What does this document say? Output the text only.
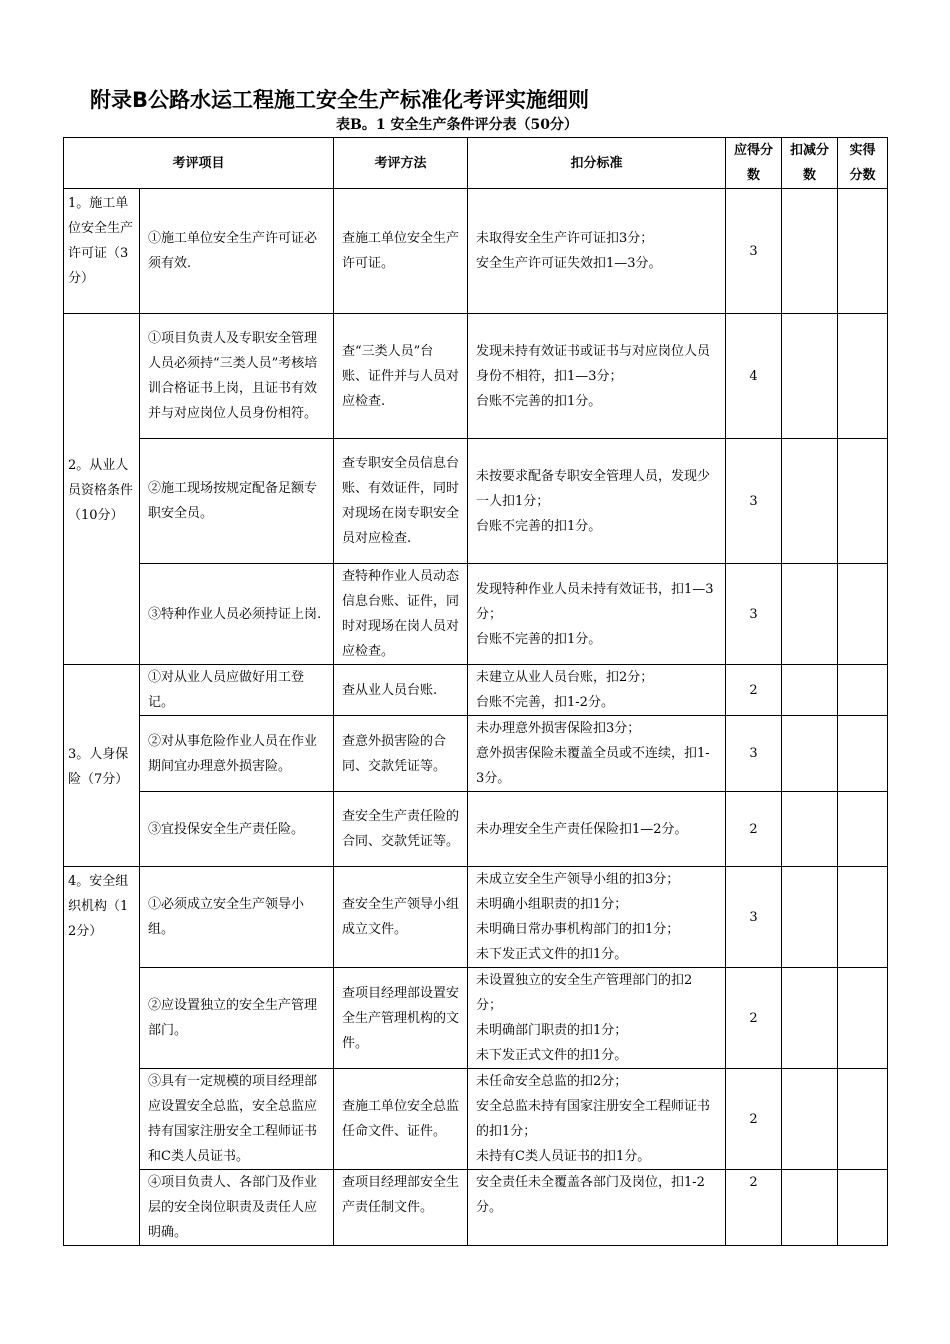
附录B公路水运工程施工安全生产标准化考评实施细则
表B。1 安全生产条件评分表（50分）
考评项目		考评方法	扣分标准	应得分数	扣减分数	实得分数
1。施工单位安全生产许可证（3分）	①施工单位安全生产许可证必须有效.	查施工单位安全生产许可证。	未取得安全生产许可证扣3分；
安全生产许可证失效扣1—3分。	3		
2。从业人员资格条件（10分）	①项目负责人及专职安全管理人员必须持“三类人员”考核培训合格证书上岗，且证书有效并与对应岗位人员身份相符。	查“三类人员”台账、证件并与人员对应检查.	发现未持有效证书或证书与对应岗位人员身份不相符，扣1—3分；
台账不完善的扣1分。	4		
	②施工现场按规定配备足额专职安全员。	查专职安全员信息台账、有效证件，同时对现场在岗专职安全员对应检查.	未按要求配备专职安全管理人员，发现少一人扣1分；
台账不完善的扣1分。	3		
	③特种作业人员必须持证上岗.	查特种作业人员动态信息台账、证件，同时对现场在岗人员对应检查。	发现特种作业人员未持有效证书，扣1—3分；
台账不完善的扣1分。	3		
3。人身保险（7分）	①对从业人员应做好用工登记。	查从业人员台账.	未建立从业人员台账，扣2分；
台账不完善，扣1-2分。	2		
	②对从事危险作业人员在作业期间宜办理意外损害险。	查意外损害险的合同、交款凭证等。	未办理意外损害保险扣3分；
意外损害保险未覆盖全员或不连续，扣1-3分。	3		
	③宜投保安全生产责任险。	查安全生产责任险的合同、交款凭证等。	未办理安全生产责任保险扣1—2分。	2		
4。安全组织机构（12分）	①必须成立安全生产领导小组。	查安全生产领导小组成立文件。	未成立安全生产领导小组的扣3分；
未明确小组职责的扣1分；
未明确日常办事机构部门的扣1分；
未下发正式文件的扣1分。	3		
	②应设置独立的安全生产管理部门。	查项目经理部设置安全生产管理机构的文件。	未设置独立的安全生产管理部门的扣2分；
未明确部门职责的扣1分；
未下发正式文件的扣1分。	2		
	③具有一定规模的项目经理部应设置安全总监，安全总监应持有国家注册安全工程师证书和C类人员证书。	查施工单位安全总监任命文件、证件。	未任命安全总监的扣2分；
安全总监未持有国家注册安全工程师证书的扣1分；
未持有C类人员证书的扣1分。	2		
	④项目负责人、各部门及作业层的安全岗位职责及责任人应明确。	查项目经理部安全生产责任制文件。	安全责任未全覆盖各部门及岗位，扣1-2分。	2		
